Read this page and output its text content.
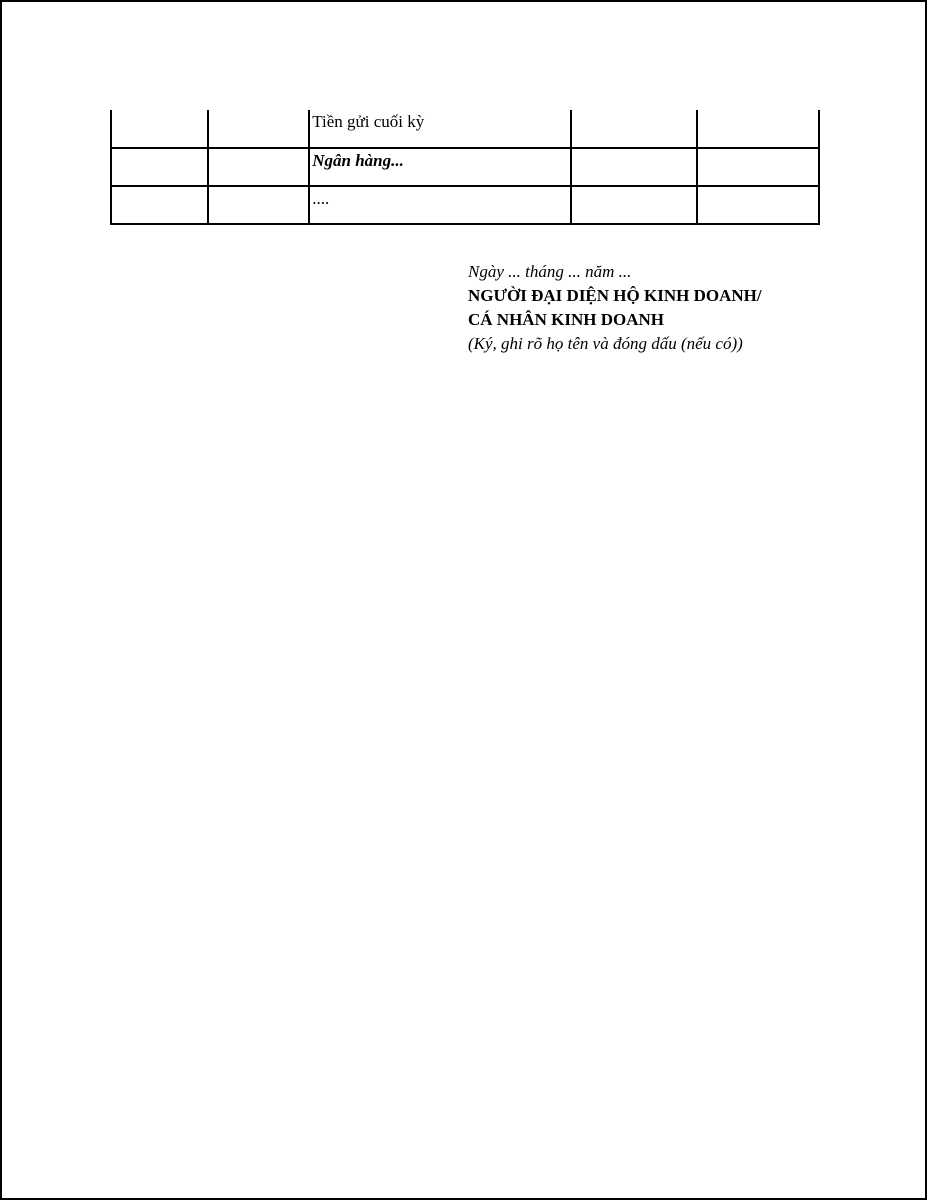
		Tiền gửi cuối kỳ		
		Ngân hàng...		
		....		
Ngày ... tháng ... năm ...
NGƯỜI ĐẠI DIỆN HỘ KINH DOANH/
CÁ NHÂN KINH DOANH
(Ký, ghi rõ họ tên và đóng dấu (nếu có))
